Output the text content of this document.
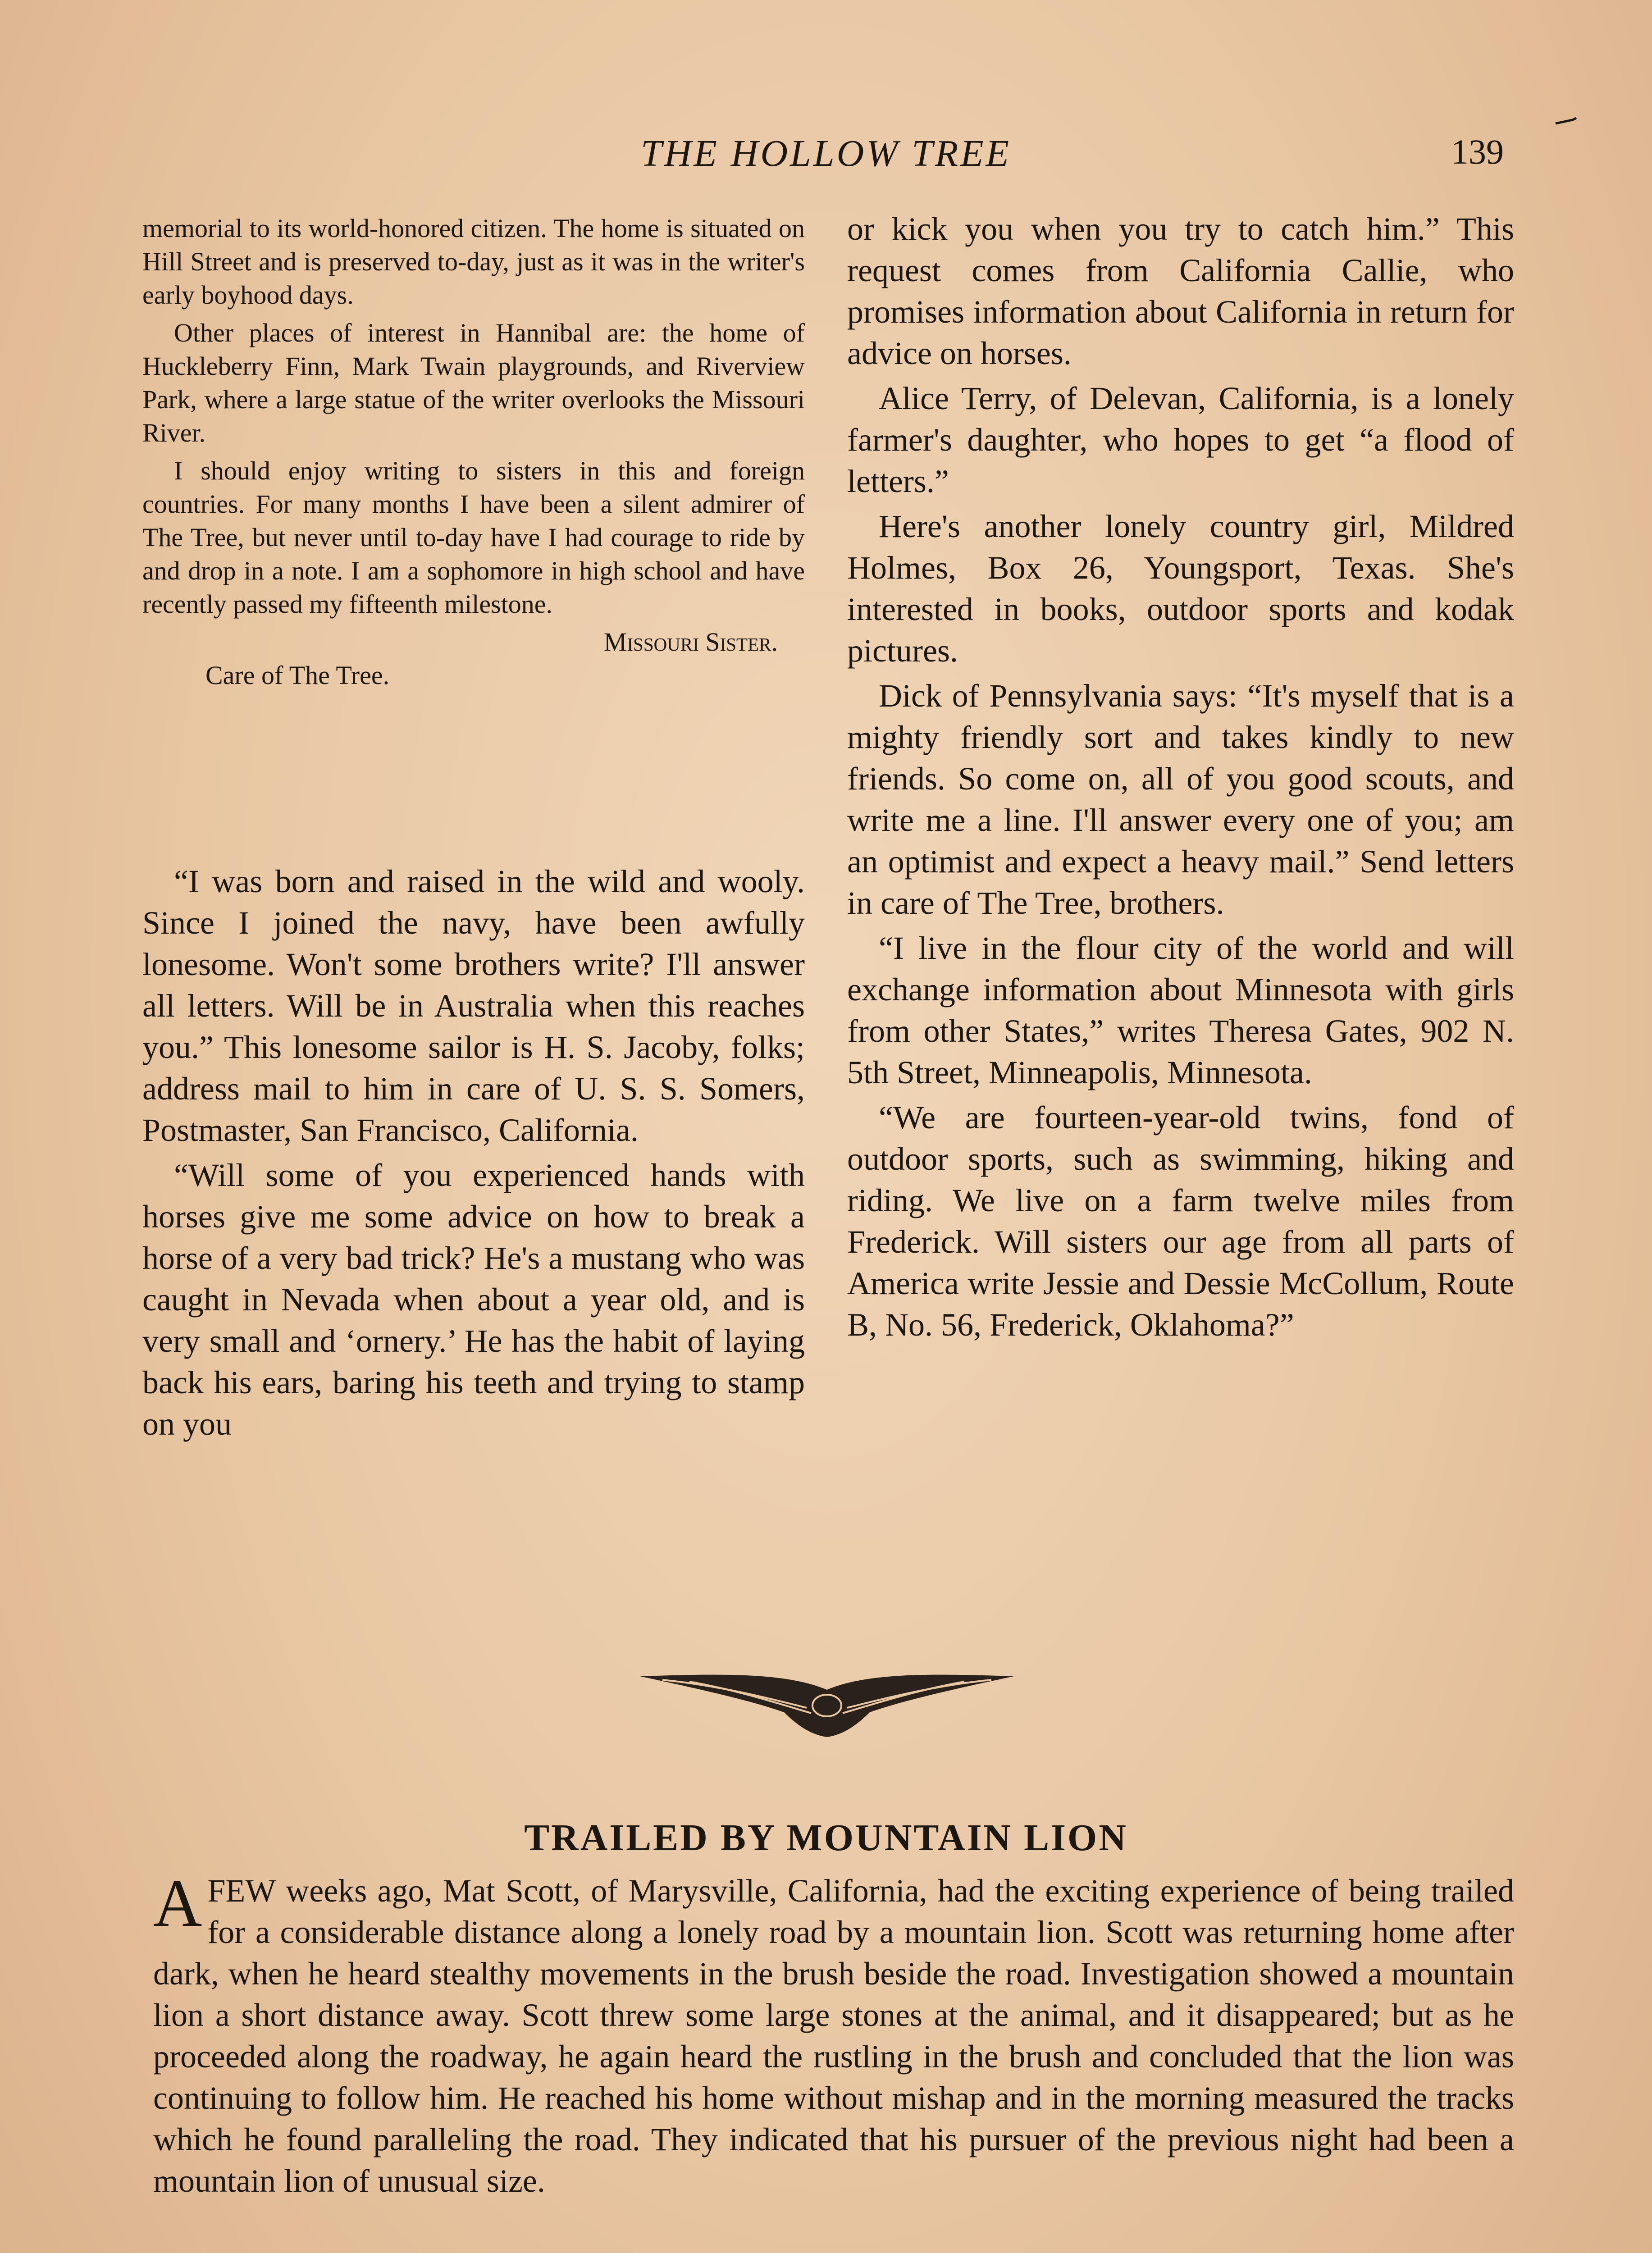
THE HOLLOW TREE	139

memorial to its world-honored citizen. The home is situated on Hill Street and is preserved to-day, just as it was in the writer's early boyhood days.

Other places of interest in Hannibal are: the home of Huckleberry Finn, Mark Twain playgrounds, and Riverview Park, where a large statue of the writer overlooks the Missouri River.

I should enjoy writing to sisters in this and foreign countries. For many months I have been a silent admirer of The Tree, but never until to-day have I had courage to ride by and drop in a note. I am a sophomore in high school and have recently passed my fifteenth milestone.

Missouri Sister.

Care of The Tree.

“I was born and raised in the wild and wooly. Since I joined the navy, have been awfully lonesome. Won't some brothers write? I'll answer all letters. Will be in Australia when this reaches you.” This lonesome sailor is H. S. Jacoby, folks; address mail to him in care of U. S. S. Somers, Postmaster, San Francisco, California.

“Will some of you experienced hands with horses give me some advice on how to break a horse of a very bad trick? He's a mustang who was caught in Nevada when about a year old, and is very small and ‘ornery.’ He has the habit of laying back his ears, baring his teeth and trying to stamp on you

or kick you when you try to catch him.” This request comes from California Callie, who promises information about California in return for advice on horses.

Alice Terry, of Delevan, California, is a lonely farmer's daughter, who hopes to get “a flood of letters.”

Here's another lonely country girl, Mildred Holmes, Box 26, Youngsport, Texas. She's interested in books, outdoor sports and kodak pictures.

Dick of Pennsylvania says: “It's myself that is a mighty friendly sort and takes kindly to new friends. So come on, all of you good scouts, and write me a line. I'll answer every one of you; am an optimist and expect a heavy mail.” Send letters in care of The Tree, brothers.

“I live in the flour city of the world and will exchange information about Minnesota with girls from other States,” writes Theresa Gates, 902 N. 5th Street, Minneapolis, Minnesota.

“We are fourteen-year-old twins, fond of outdoor sports, such as swimming, hiking and riding. We live on a farm twelve miles from Frederick. Will sisters our age from all parts of America write Jessie and Dessie McCollum, Route B, No. 56, Frederick, Oklahoma?”

TRAILED BY MOUNTAIN LION
A FEW weeks ago, Mat Scott, of Marysville, California, had the exciting experience of being trailed for a considerable distance along a lonely road by a mountain lion. Scott was returning home after dark, when he heard stealthy movements in the brush beside the road. Investigation showed a mountain lion a short distance away. Scott threw some large stones at the animal, and it disappeared; but as he proceeded along the roadway, he again heard the rustling in the brush and concluded that the lion was continuing to follow him. He reached his home without mishap and in the morning measured the tracks which he found paralleling the road. They indicated that his pursuer of the previous night had been a mountain lion of unusual size.
